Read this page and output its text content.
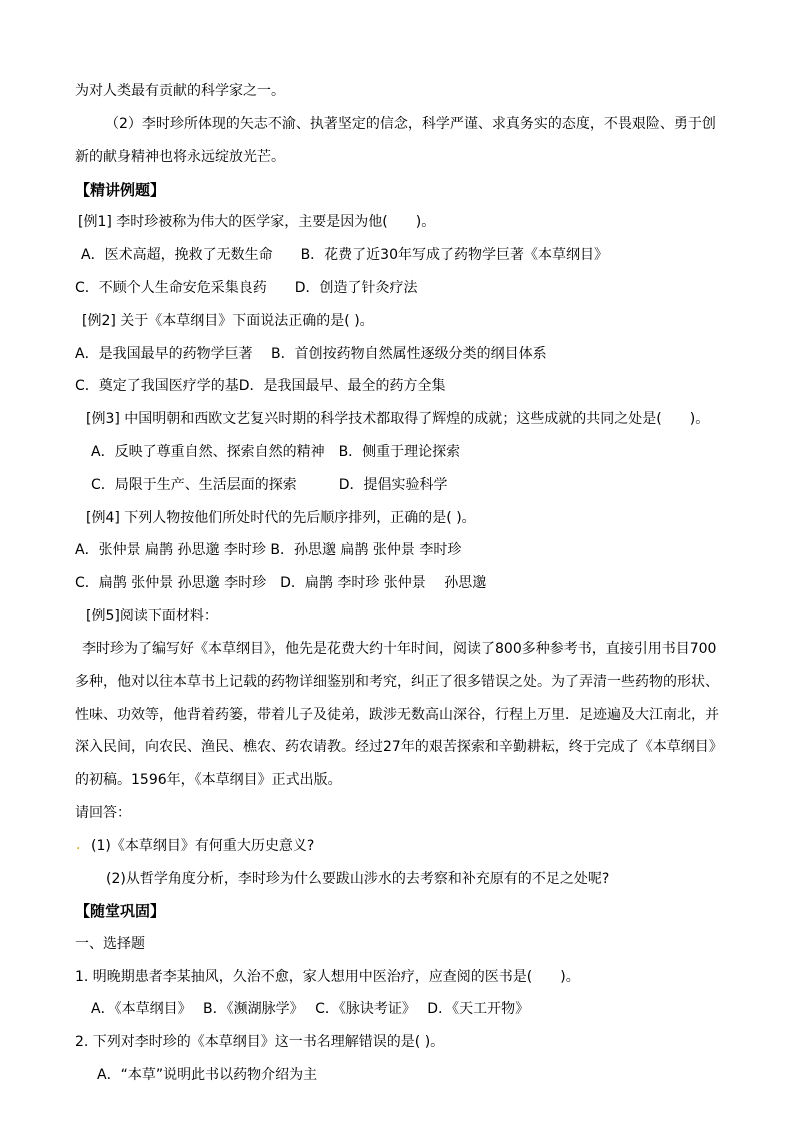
为对人类最有贡献的科学家之一。
（2）李时珍所体现的矢志不渝、执著坚定的信念，科学严谨、求真务实的态度，不畏艰险、勇于创
新的献身精神也将永远绽放光芒。
【精讲例题】
[例1] 李时珍被称为伟大的医学家，主要是因为他(　　)。
A．医术高超，挽救了无数生命　　B．花费了近30年写成了药物学巨著《本草纲目》
C．不顾个人生命安危采集良药　　D．创造了针灸疗法
[例2] 关于《本草纲目》下面说法正确的是( )。
A．是我国最早的药物学巨著　 B．首创按药物自然属性逐级分类的纲目体系
C．奠定了我国医疗学的基D．是我国最早、最全的药方全集
[例3] 中国明朝和西欧文艺复兴时期的科学技术都取得了辉煌的成就；这些成就的共同之处是(　　)。
A．反映了尊重自然、探索自然的精神　B．侧重于理论探索
C．局限于生产、生活层面的探索　　　D．提倡实验科学
[例4] 下列人物按他们所处时代的先后顺序排列，正确的是( )。
A．张仲景 扁鹊 孙思邈 李时珍 B．孙思邈 扁鹊 张仲景 李时珍
C．扁鹊 张仲景 孙思邈 李时珍　D．扁鹊 李时珍 张仲景　 孙思邈
[例5]阅读下面材料：
李时珍为了编写好《本草纲目》，他先是花费大约十年时间，阅读了800多种参考书，直接引用书目700
多种，他对以往本草书上记载的药物详细鉴别和考究，纠正了很多错误之处。为了弄清一些药物的形状、
性味、功效等，他背着药篓，带着儿子及徒弟，跋涉无数高山深谷，行程上万里．足迹遍及大江南北，并
深入民间，向农民、渔民、樵农、药农请教。经过27年的艰苦探索和辛勤耕耘，终于完成了《本草纲目》
的初稿。1596年，《本草纲目》正式出版。
请回答：
. (1)《本草纲目》有何重大历史意义?
(2)从哲学角度分析，李时珍为什么要跋山涉水的去考察和补充原有的不足之处呢?
【随堂巩固】
一、选择题
1. 明晚期患者李某抽风，久治不愈，家人想用中医治疗，应查阅的医书是(　　)。
A．《本草纲目》　 B．《濒湖脉学》　 C．《脉诀考证》　 D．《天工开物》
2. 下列对李时珍的《本草纲目》这一书名理解错误的是( )。
A．“本草”说明此书以药物介绍为主
